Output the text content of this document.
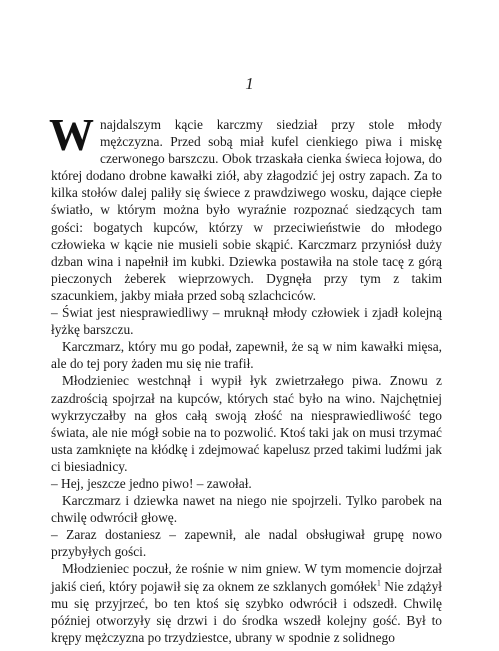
1

Wnajdalszym kącie karczmy siedział przy stole młody mężczyzna. Przed sobą miał kufel cienkiego piwa i miskę czerwonego barszczu. Obok trzaskała cienka świeca łojowa, do której dodano drobne kawałki ziół, aby złagodzić jej ostry zapach. Za to kilka stołów dalej paliły się świece z prawdziwego wosku, dające ciepłe światło, w którym można było wyraźnie rozpoznać siedzących tam gości: bogatych kupców, którzy w przeciwieństwie do młodego człowieka w kącie nie musieli sobie skąpić. Karczmarz przyniósł duży dzban wina i napełnił im kubki. Dziewka postawiła na stole tacę z górą pieczonych żeberek wieprzowych. Dygnęła przy tym z takim szacunkiem, jakby miała przed sobą szlachciców.

– Świat jest niesprawiedliwy – mruknął młody człowiek i zjadł kolejną łyżkę barszczu.

Karczmarz, który mu go podał, zapewnił, że są w nim kawałki mięsa, ale do tej pory żaden mu się nie trafił.

Młodzieniec westchnął i wypił łyk zwietrzałego piwa. Znowu z zazdrością spojrzał na kupców, których stać było na wino. Najchętniej wykrzyczałby na głos całą swoją złość na niesprawiedliwość tego świata, ale nie mógł sobie na to pozwolić. Ktoś taki jak on musi trzymać usta zamknięte na kłódkę i zdejmować kapelusz przed takimi ludźmi jak ci biesiadnicy.

– Hej, jeszcze jedno piwo! – zawołał.

Karczmarz i dziewka nawet na niego nie spojrzeli. Tylko parobek na chwilę odwrócił głowę.

– Zaraz dostaniesz – zapewnił, ale nadal obsługiwał grupę nowo przybyłych gości.

Młodzieniec poczuł, że rośnie w nim gniew. W tym momencie dojrzał jakiś cień, który pojawił się za oknem ze szklanych gomółek$^1$ Nie zdążył mu się przyjrzeć, bo ten ktoś się szybko odwrócił i odszedł. Chwilę później otworzyły się drzwi i do środka wszedł kolejny gość. Był to krępy mężczyzna po trzydziestce, ubrany w spodnie z solidnego
